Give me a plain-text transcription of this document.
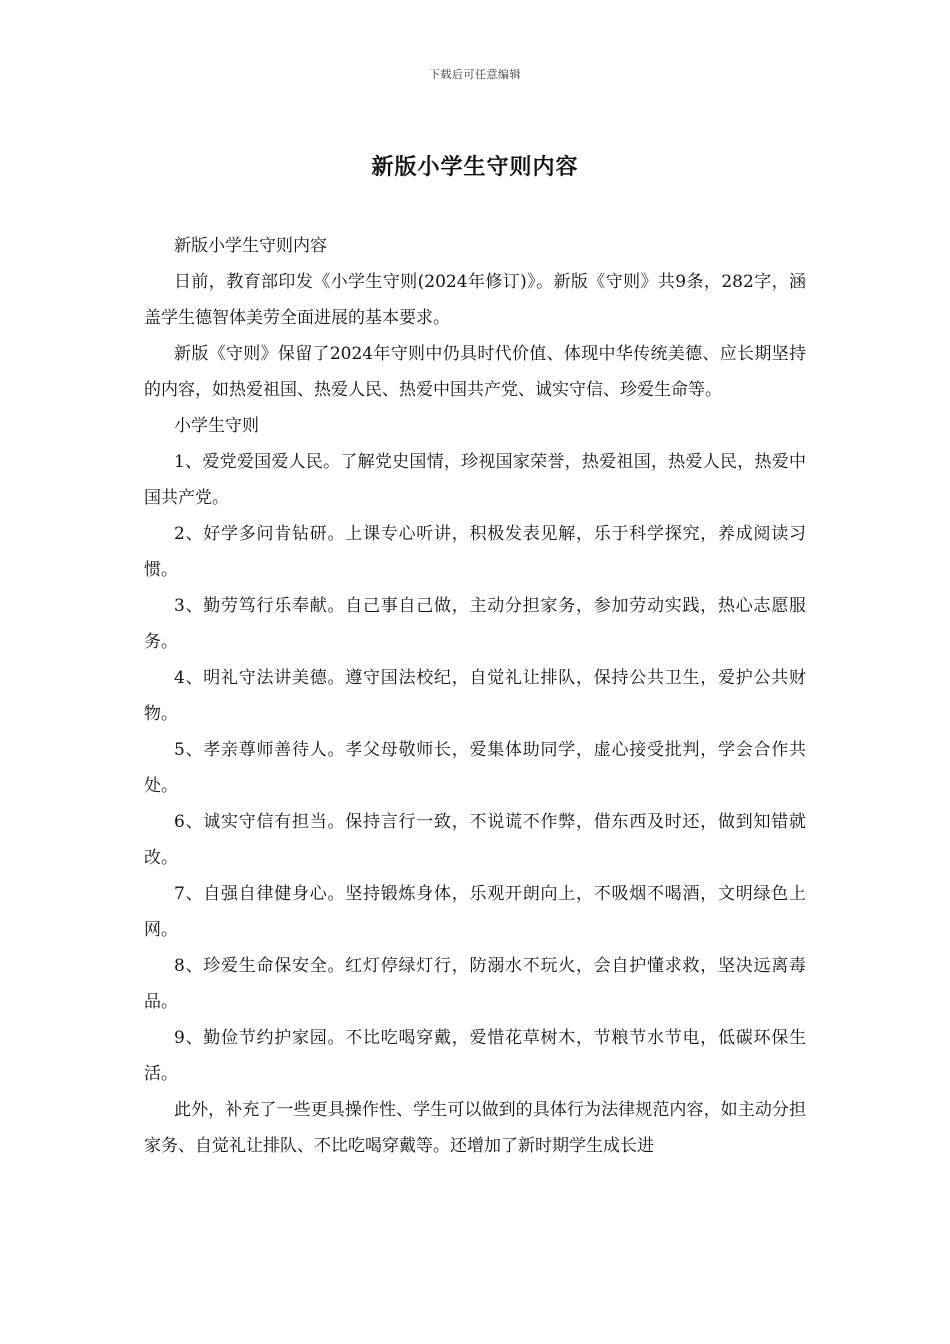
下载后可任意编辑
新版小学生守则内容

新版小学生守则内容

日前，教育部印发《小学生守则(2024年修订)》。新版《守则》共9条，282字，涵盖学生德智体美劳全面进展的基本要求。

新版《守则》保留了2024年守则中仍具时代价值、体现中华传统美德、应长期坚持的内容，如热爱祖国、热爱人民、热爱中国共产党、诚实守信、珍爱生命等。

小学生守则

1、爱党爱国爱人民。了解党史国情，珍视国家荣誉，热爱祖国，热爱人民，热爱中国共产党。

2、好学多问肯钻研。上课专心听讲，积极发表见解，乐于科学探究，养成阅读习惯。

3、勤劳笃行乐奉献。自己事自己做，主动分担家务，参加劳动实践，热心志愿服务。

4、明礼守法讲美德。遵守国法校纪，自觉礼让排队，保持公共卫生，爱护公共财物。

5、孝亲尊师善待人。孝父母敬师长，爱集体助同学，虚心接受批判，学会合作共处。

6、诚实守信有担当。保持言行一致，不说谎不作弊，借东西及时还，做到知错就改。

7、自强自律健身心。坚持锻炼身体，乐观开朗向上，不吸烟不喝酒，文明绿色上网。

8、珍爱生命保安全。红灯停绿灯行，防溺水不玩火，会自护懂求救，坚决远离毒品。

9、勤俭节约护家园。不比吃喝穿戴，爱惜花草树木，节粮节水节电，低碳环保生活。

此外，补充了一些更具操作性、学生可以做到的具体行为法律规范内容，如主动分担家务、自觉礼让排队、不比吃喝穿戴等。还增加了新时期学生成长进
